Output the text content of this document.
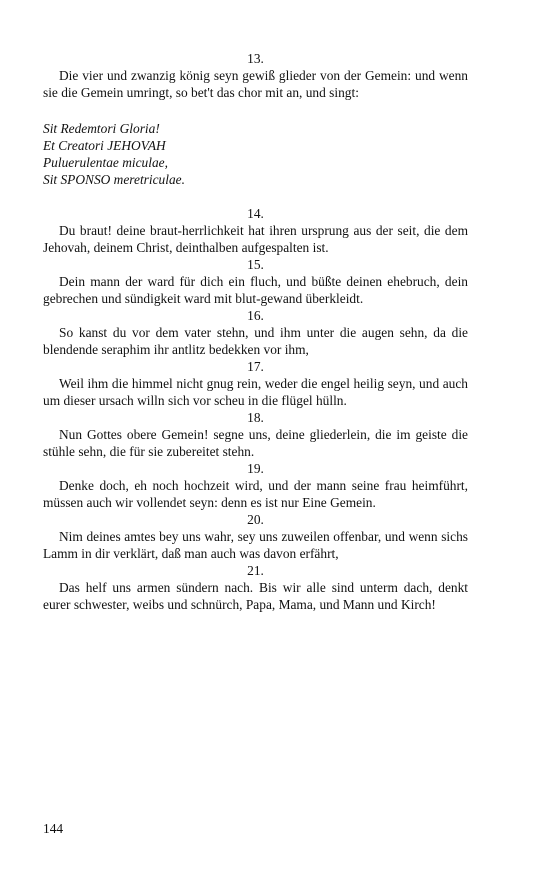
13.

Die vier und zwanzig könig seyn gewiß glieder von der Gemein: und wenn sie die Gemein umringt, so bet't das chor mit an, und singt:

Sit Redemtori Gloria!
Et Creatori JEHOVAH
Puluerulentae miculae,
Sit SPONSO meretriculae.

14.

Du braut! deine braut-herrlichkeit hat ihren ursprung aus der seit, die dem Jehovah, deinem Christ, deinthalben aufgespalten ist.

15.

Dein mann der ward für dich ein fluch, und büßte deinen ehebruch, dein gebrechen und sündigkeit ward mit blut-gewand überkleidt.

16.

So kanst du vor dem vater stehn, und ihm unter die augen sehn, da die blendende seraphim ihr antlitz bedekken vor ihm,

17.

Weil ihm die himmel nicht gnug rein, weder die engel heilig seyn, und auch um dieser ursach willn sich vor scheu in die flügel hülln.

18.

Nun Gottes obere Gemein! segne uns, deine gliederlein, die im geiste die stühle sehn, die für sie zubereitet stehn.

19.

Denke doch, eh noch hochzeit wird, und der mann seine frau heimführt, müssen auch wir vollendet seyn: denn es ist nur Eine Gemein.

20.

Nim deines amtes bey uns wahr, sey uns zuweilen offenbar, und wenn sichs Lamm in dir verklärt, daß man auch was davon erfährt,

21.

Das helf uns armen sündern nach. Bis wir alle sind unterm dach, denkt eurer schwester, weibs und schnürch, Papa, Mama, und Mann und Kirch!

144
